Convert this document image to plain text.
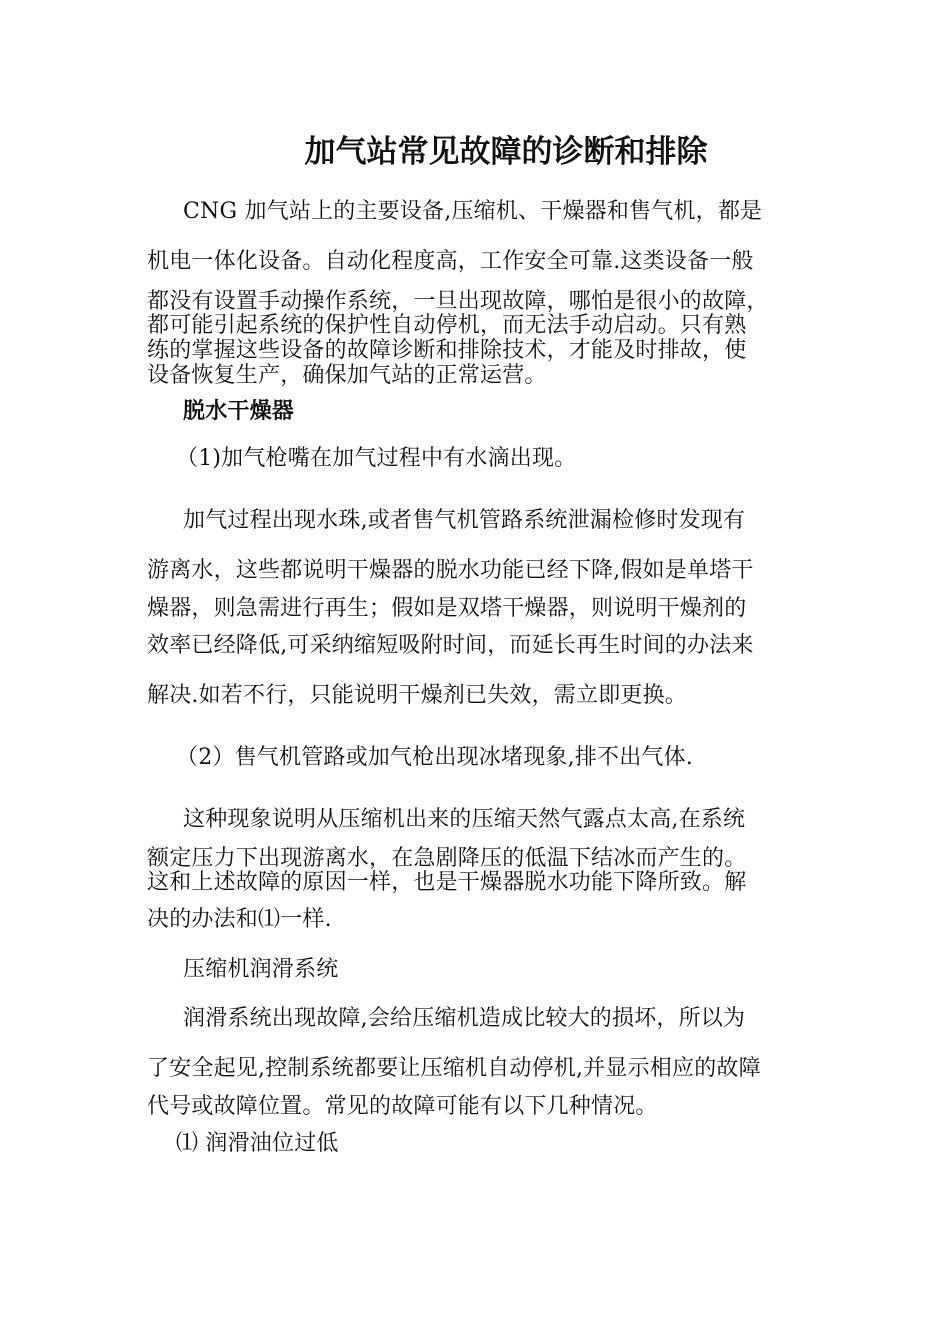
加气站常见故障的诊断和排除
CNG 加气站上的主要设备,压缩机、干燥器和售气机，都是
机电一体化设备。自动化程度高，工作安全可靠.这类设备一般
都没有设置手动操作系统，一旦出现故障，哪怕是很小的故障，
都可能引起系统的保护性自动停机，而无法手动启动。只有熟
练的掌握这些设备的故障诊断和排除技术，才能及时排故，使
设备恢复生产，确保加气站的正常运营。
脱水干燥器
（1)加气枪嘴在加气过程中有水滴出现。
加气过程出现水珠,或者售气机管路系统泄漏检修时发现有
游离水，这些都说明干燥器的脱水功能已经下降,假如是单塔干
燥器，则急需进行再生；假如是双塔干燥器，则说明干燥剂的
效率已经降低,可采纳缩短吸附时间，而延长再生时间的办法来
解决.如若不行，只能说明干燥剂已失效，需立即更换。
（2）售气机管路或加气枪出现冰堵现象,排不出气体.
这种现象说明从压缩机出来的压缩天然气露点太高,在系统
额定压力下出现游离水，在急剧降压的低温下结冰而产生的。
这和上述故障的原因一样，也是干燥器脱水功能下降所致。解
决的办法和⑴一样.
压缩机润滑系统
润滑系统出现故障,会给压缩机造成比较大的损坏，所以为
了安全起见,控制系统都要让压缩机自动停机,并显示相应的故障
代号或故障位置。常见的故障可能有以下几种情况。
⑴ 润滑油位过低
